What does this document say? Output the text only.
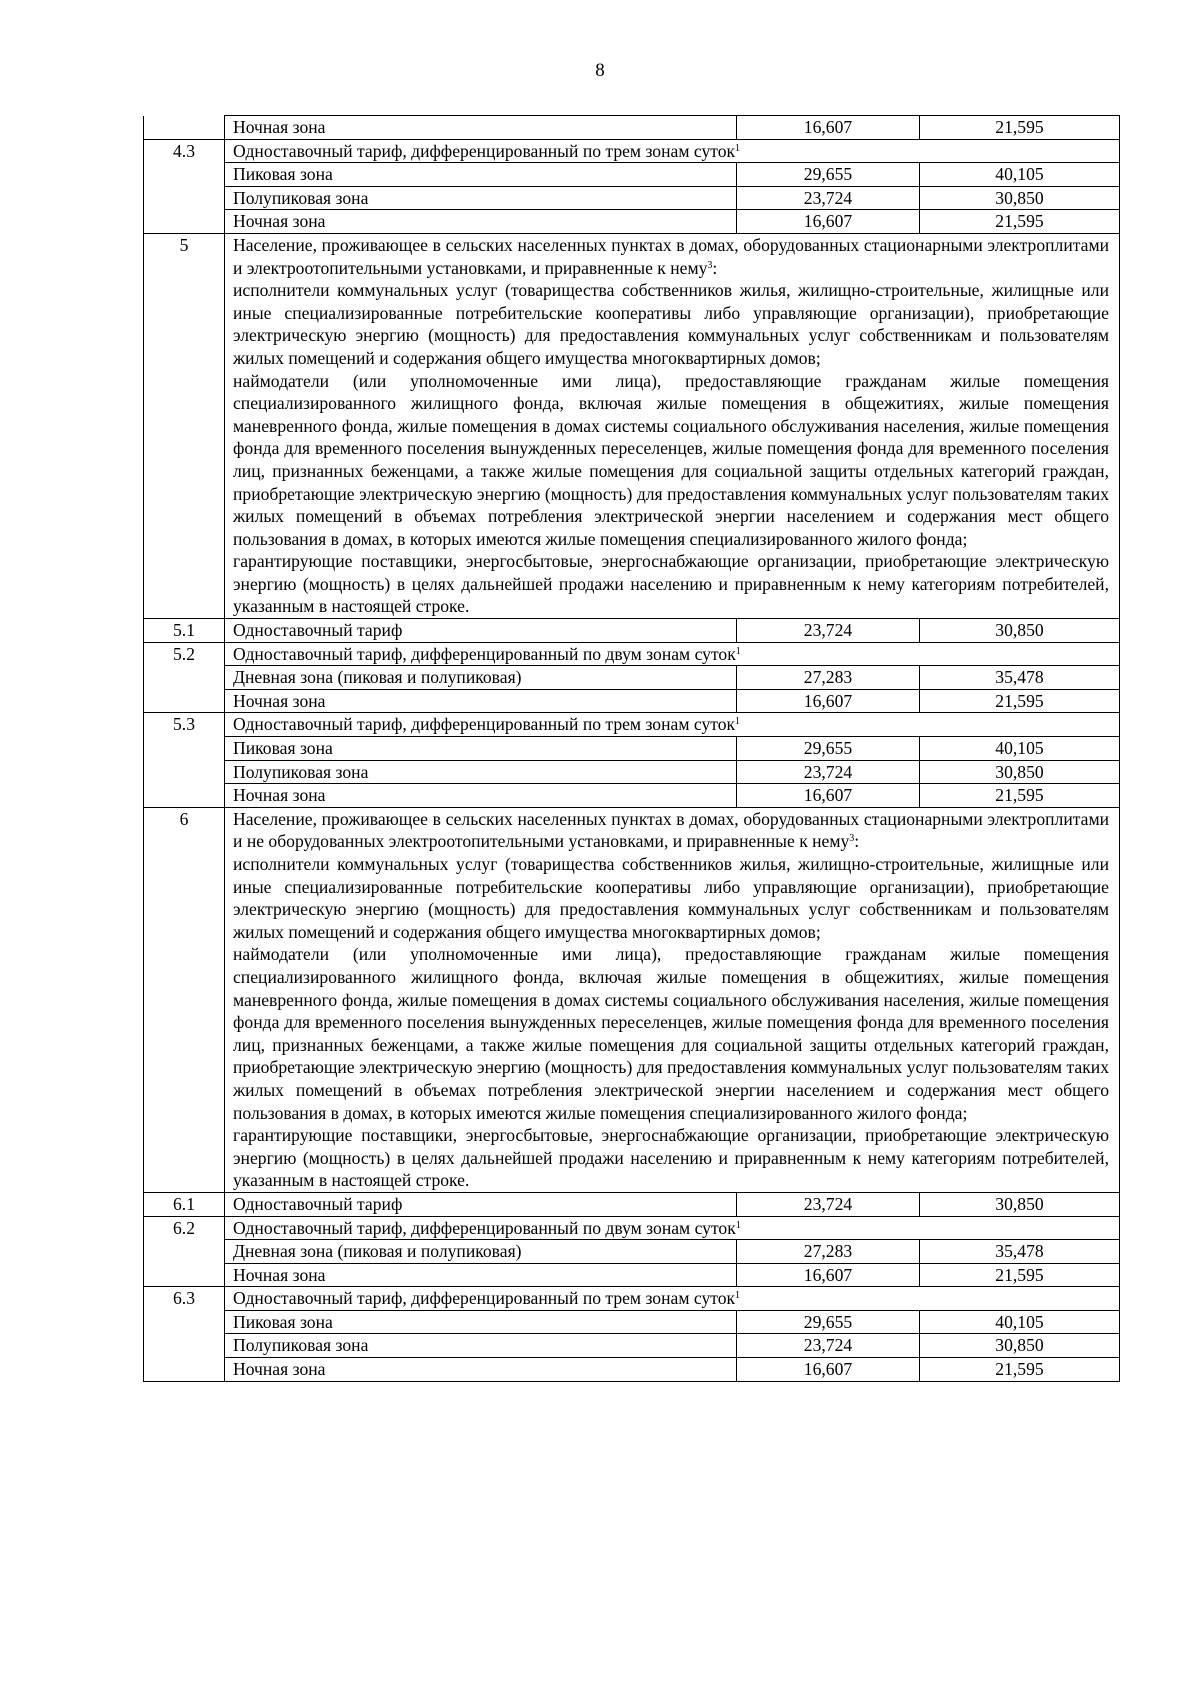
8
	Ночная зона	16,607	21,595
4.3	Одноставочный тариф, дифференцированный по трем зонам суток$^1$
	Пиковая зона	29,655	40,105
	Полупиковая зона	23,724	30,850
	Ночная зона	16,607	21,595
5	Население, проживающее в сельских населенных пунктах в домах, оборудованных стационарными электроплитами и электроотопительными установками, и приравненные к нему$^3$:

исполнители коммунальных услуг (товарищества собственников жилья, жилищно-строительные, жилищные или иные специализированные потребительские кооперативы либо управляющие организации), приобретающие электрическую энергию (мощность) для предоставления коммунальных услуг собственникам и пользователям жилых помещений и содержания общего имущества многоквартирных домов;

наймодатели (или уполномоченные ими лица), предоставляющие гражданам жилые помещения специализированного жилищного фонда, включая жилые помещения в общежитиях, жилые помещения маневренного фонда, жилые помещения в домах системы социального обслуживания населения, жилые помещения фонда для временного поселения вынужденных переселенцев, жилые помещения фонда для временного поселения лиц, признанных беженцами, а также жилые помещения для социальной защиты отдельных категорий граждан, приобретающие электрическую энергию (мощность) для предоставления коммунальных услуг пользователям таких жилых помещений в объемах потребления электрической энергии населением и содержания мест общего пользования в домах, в которых имеются жилые помещения специализированного жилого фонда;

гарантирующие поставщики, энергосбытовые, энергоснабжающие организации, приобретающие электрическую энергию (мощность) в целях дальнейшей продажи населению и приравненным к нему категориям потребителей, указанным в настоящей строке.		

5.1	Одноставочный тариф	23,724	30,850
5.2	Одноставочный тариф, дифференцированный по двум зонам суток$^1$
	Дневная зона (пиковая и полупиковая)	27,283	35,478
	Ночная зона	16,607	21,595
5.3	Одноставочный тариф, дифференцированный по трем зонам суток$^1$
	Пиковая зона	29,655	40,105
	Полупиковая зона	23,724	30,850
	Ночная зона	16,607	21,595
6	Население, проживающее в сельских населенных пунктах в домах, оборудованных стационарными электроплитами и не оборудованных электроотопительными установками, и приравненные к нему$^3$:

исполнители коммунальных услуг (товарищества собственников жилья, жилищно-строительные, жилищные или иные специализированные потребительские кооперативы либо управляющие организации), приобретающие электрическую энергию (мощность) для предоставления коммунальных услуг собственникам и пользователям жилых помещений и содержания общего имущества многоквартирных домов;

наймодатели (или уполномоченные ими лица), предоставляющие гражданам жилые помещения специализированного жилищного фонда, включая жилые помещения в общежитиях, жилые помещения маневренного фонда, жилые помещения в домах системы социального обслуживания населения, жилые помещения фонда для временного поселения вынужденных переселенцев, жилые помещения фонда для временного поселения лиц, признанных беженцами, а также жилые помещения для социальной защиты отдельных категорий граждан, приобретающие электрическую энергию (мощность) для предоставления коммунальных услуг пользователям таких жилых помещений в объемах потребления электрической энергии населением и содержания мест общего пользования в домах, в которых имеются жилые помещения специализированного жилого фонда;

гарантирующие поставщики, энергосбытовые, энергоснабжающие организации, приобретающие электрическую энергию (мощность) в целях дальнейшей продажи населению и приравненным к нему категориям потребителей, указанным в настоящей строке.		

6.1	Одноставочный тариф	23,724	30,850
6.2	Одноставочный тариф, дифференцированный по двум зонам суток$^1$
	Дневная зона (пиковая и полупиковая)	27,283	35,478
	Ночная зона	16,607	21,595
6.3	Одноставочный тариф, дифференцированный по трем зонам суток$^1$
	Пиковая зона	29,655	40,105
	Полупиковая зона	23,724	30,850
	Ночная зона	16,607	21,595
